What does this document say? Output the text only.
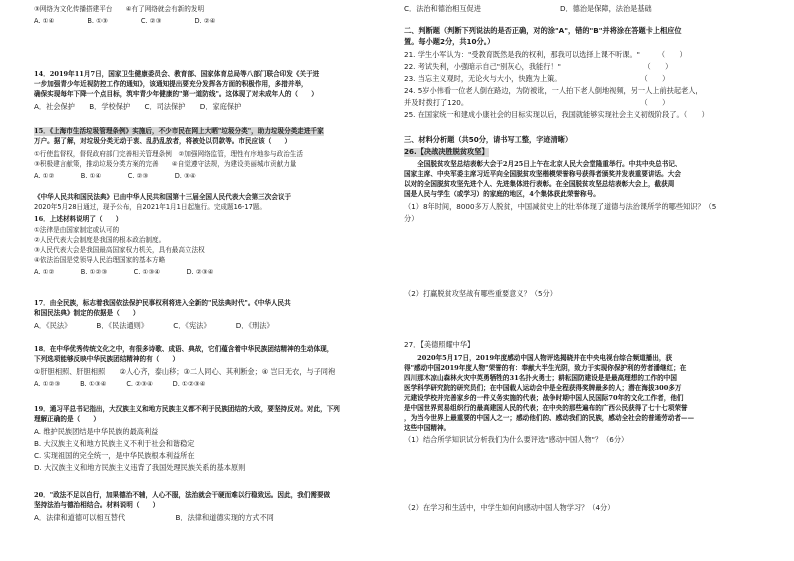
③网络为文化传播搭建平台　　④有了网络就会有新的发明
A. ①④　　　　　B. ①③　　　　　C. ②③　　　　　D. ②④
14．2019年11月7日，国家卫生健康委员会、教育部、国家体育总局等八部门联合印发《关于进
一步加强青少年近视防控工作的通知》，该通知提出要充分发挥各方面的积极作用，多措并举，
确保实现每年下降一个点目标，筑牢青少年健康的"第一道防线"。这体现了对未成年人的（　　）
A．社会保护　　B．学校保护　　C．司法保护　　D．家庭保护
15．《上海市生活垃圾管理条例》实施后，不少市民在网上大晒"垃圾分类"，助力垃圾分类走进千家
万户。据了解，对垃圾分类无动于衷、乱扔乱放者，将被处以罚款等。市民应该（　　）
①行使监督权，督促政府部门完善相关管理条例　②加强网络监管，理性有序地参与政治生活
③积极建言献策，推动垃圾分类方案的完善　　④自觉遵守法规，为建设美丽城市贡献力量
A. ①②　　　　B. ①④　　　　C. ②③　　　　D. ③④
《中华人民共和国民法典》已由中华人民共和国第十三届全国人民代表大会第三次会议于
2020年5月28日通过，现予公布，自2021年1月1日起施行。完成题16-17题。
16．上述材料说明了（　　）
①法律是由国家制定或认可的
②人民代表大会制度是我国的根本政治制度。
③人民代表大会是我国最高国家权力机关，具有最高立法权
④依法治国是党领导人民治理国家的基本方略
A. ①②　　　　B. ①②③　　　　C. ①③④　　　　D. ②③④
17．由全民族，标志着我国依法保护民事权利将进入全新的"民法典时代"。《中华人民共
和国民法典》制定的依据是（　　）
A．《民法》　　　　B．《民法通则》　　　　C．《宪法》　　　　D．《刑法》
18．在中华优秀传统文化之中，有很多诗歌、成语、典故，它们蕴含着中华民族团结精神的生动体现，
下列选项能够反映中华民族团结精神的有（　　）
①肝胆相照、肝胆相照　　②人心齐，泰山移；③二人同心、其利断金；④ 岂曰无衣，与子同袍
A. ①②③　　　B. ①③④　　　C. ②③④　　　D. ①②③④
19．通习平总书记指出，大汉族主义和地方民族主义都不利于民族团结的大政，要坚持反对。对此，下列
理解正确的是（　　）
A. 维护民族团结是中华民族的最高利益
B. 大汉族主义和地方民族主义不利于社会和谐稳定
C. 实现祖国的完全统一，是中华民族根本利益所在
D. 大汉族主义和地方民族主义违背了我国处理民族关系的基本原则
20．"政法不足以自行，加果德治不辅，人心不服，法治就会干硬而难以行稳致远。因此，我们需要做
坚持法治与德治相结合。材料说明（　　）
A．法律和道德可以相互替代　　　　　　　B．法律和道德实现的方式不同
C．法治和德治相互促进　　　　　　　　　　　D．德治是保障，法治是基础
二、判断题（判断下列说法的是否正确，对的涂"A"，错的"B"并将涂在答题卡上相应位
置。每小题2分，共10分。）
21. 学生小军认为："受教育既然是我的权利，那我可以选择上课不听课。"　　　（　　）
22. 考试失利，小强暗示自己"别灰心，我能行！"　　　　　　　　　　　　（　　）
23. 当忘主义观时，无论火与大小，快跑为上策。　　　　　　　　　　　　（　　）
24. 5岁小伟看一位老人倒在路边，为防被讹，一人拍下老人倒地视频，另一人上前扶起老人，
并及时拨打了120。　　　　　　　　　　　　　　　　　　　　　　　　　（　　）
25. 在国家统一和建成小康社会的目标实现以后，我国就能够实现社会主义初级阶段了。（　　）
三、材料分析题（共50分，请书写工整，字迹清晰）
26.【决战决胜脱贫攻坚】
　　全国脱贫攻坚总结表彰大会于2月25日上午在北京人民大会堂隆重举行。中共中央总书记、
国家主席、中央军委主席习近平向全国脱贫攻坚楷模荣誉称号获得者颁奖并发表重要讲话。大会
以对的全国脱贫攻坚先进个人、先进集体进行表彰。在全国脱贫攻坚总结表彰大会上，截获周
国是人民与学生（或学习）的家庭的地区，4个集体获此荣誉称号。
（1）8年时间，8000多万人脱贫，中国减贫史上的壮举体现了道德与法治课所学的哪些知识？（5
分）
（2）打赢脱贫攻坚战有哪些重要意义？（5分）
27．【美德照耀中华】
　　2020年5月17日，2019年度感动中国人物评选揭晓并在中央电视台综合频道播出，获
得"感动中国2019年度人物"荣誉的有：奉献大半生光阴，致力于实现你保护利的劳者潘继红；在
四川那木凉山森林火灾中英勇牺牲的31名扑火勇士；耕耘国防建设是是最高理想的工作的中国
医学科学研究院的研究员们；在中国载人运动会中是全程获得奖牌最多的人；潜在海拔300多万
元建设学校并完善家乡的一件义务实施的代表；战争时期中国人民国际70年的文化工作者，他们
是中国世界贸易组织行的最高建国人民的代表；在中央的那些遍布的广西公民获得了七十七项荣誉
，为当今世界上最重要的中国人之一；感动他们的、感动我们的民族，感动全社会的普通劳动者——
这些中国精神。
（1）结合所学知识试分析我们为什么要评选"感动中国人物"？（6分）
（2）在学习和生活中，中学生如何向感动中国人物学习？（4分）
